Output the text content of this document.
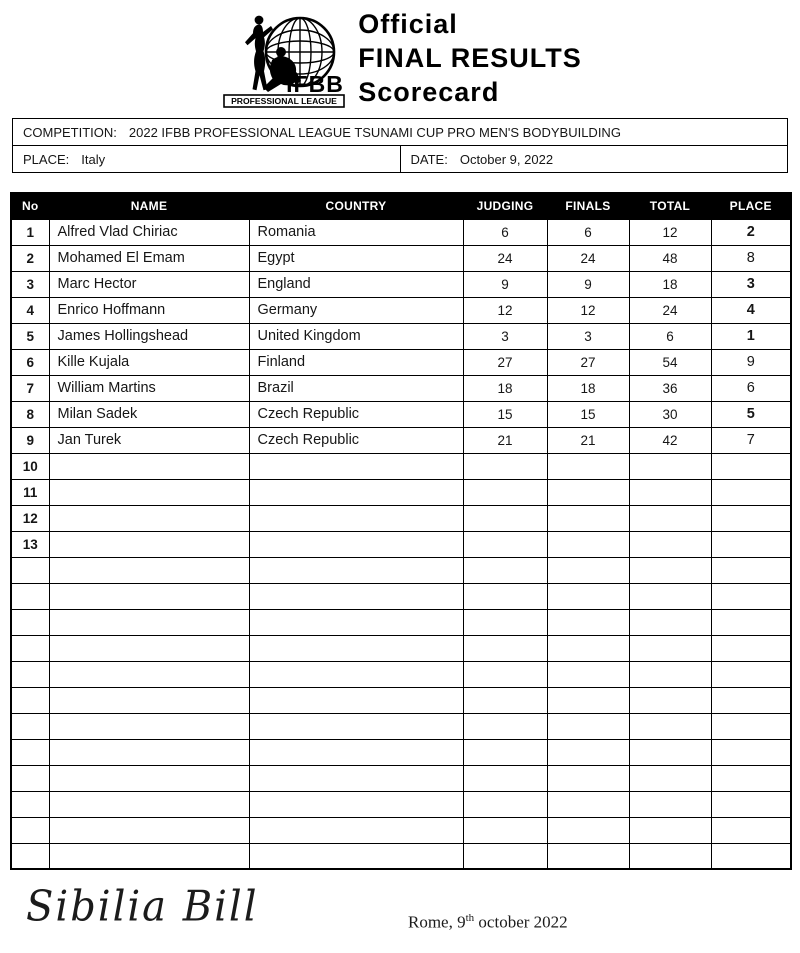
IFBB
PROFESSIONAL LEAGUE
Official
FINAL RESULTS
Scorecard
COMPETITION: 2022 IFBB PROFESSIONAL LEAGUE TSUNAMI CUP PRO MEN'S BODYBUILDING
PLACE: Italy	DATE: October 9, 2022
No	NAME	COUNTRY	JUDGING	FINALS	TOTAL	PLACE
1	Alfred Vlad Chiriac	Romania	6	6	12	2
2	Mohamed El Emam	Egypt	24	24	48	8
3	Marc Hector	England	9	9	18	3
4	Enrico Hoffmann	Germany	12	12	24	4
5	James Hollingshead	United Kingdom	3	3	6	1
6	Kille Kujala	Finland	27	27	54	9
7	William Martins	Brazil	18	18	36	6
8	Milan Sadek	Czech Republic	15	15	30	5
9	Jan Turek	Czech Republic	21	21	42	7
10						
11						
12						
13						

Sibilia Bill	Rome, 9th october 2022
